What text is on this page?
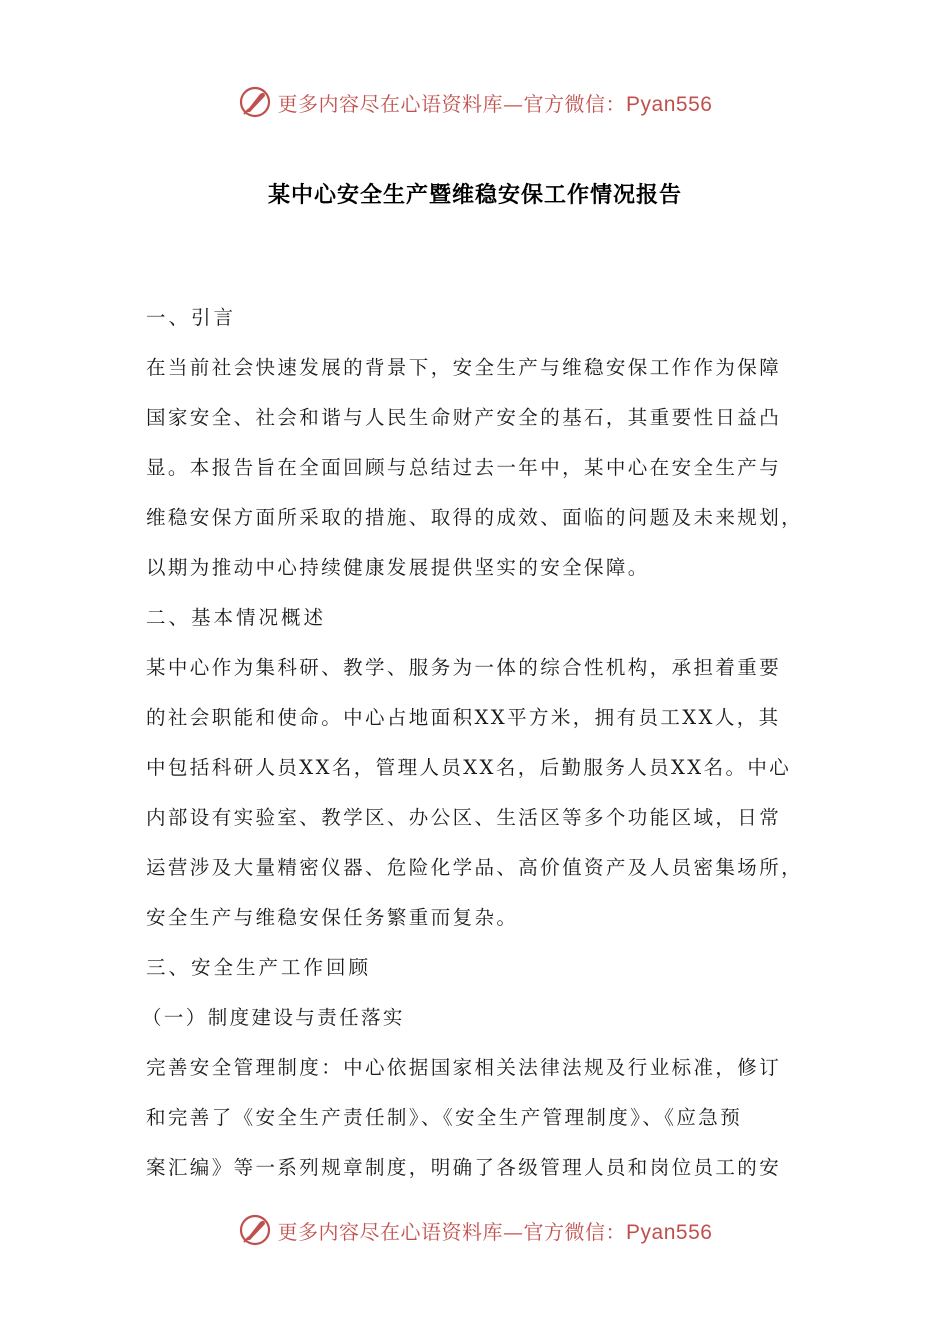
更多内容尽在心语资料库—官方微信：Pyan556
某中心安全生产暨维稳安保工作情况报告
一、引言
在当前社会快速发展的背景下，安全生产与维稳安保工作作为保障
国家安全、社会和谐与人民生命财产安全的基石，其重要性日益凸
显。本报告旨在全面回顾与总结过去一年中，某中心在安全生产与
维稳安保方面所采取的措施、取得的成效、面临的问题及未来规划，
以期为推动中心持续健康发展提供坚实的安全保障。
二、基本情况概述
某中心作为集科研、教学、服务为一体的综合性机构，承担着重要
的社会职能和使命。中心占地面积XX平方米，拥有员工XX人，其
中包括科研人员XX名，管理人员XX名，后勤服务人员XX名。中心
内部设有实验室、教学区、办公区、生活区等多个功能区域，日常
运营涉及大量精密仪器、危险化学品、高价值资产及人员密集场所，
安全生产与维稳安保任务繁重而复杂。
三、安全生产工作回顾
（一）制度建设与责任落实
完善安全管理制度：中心依据国家相关法律法规及行业标准，修订
和完善了《安全生产责任制》、《安全生产管理制度》、《应急预
案汇编》等一系列规章制度，明确了各级管理人员和岗位员工的安
更多内容尽在心语资料库—官方微信：Pyan556
